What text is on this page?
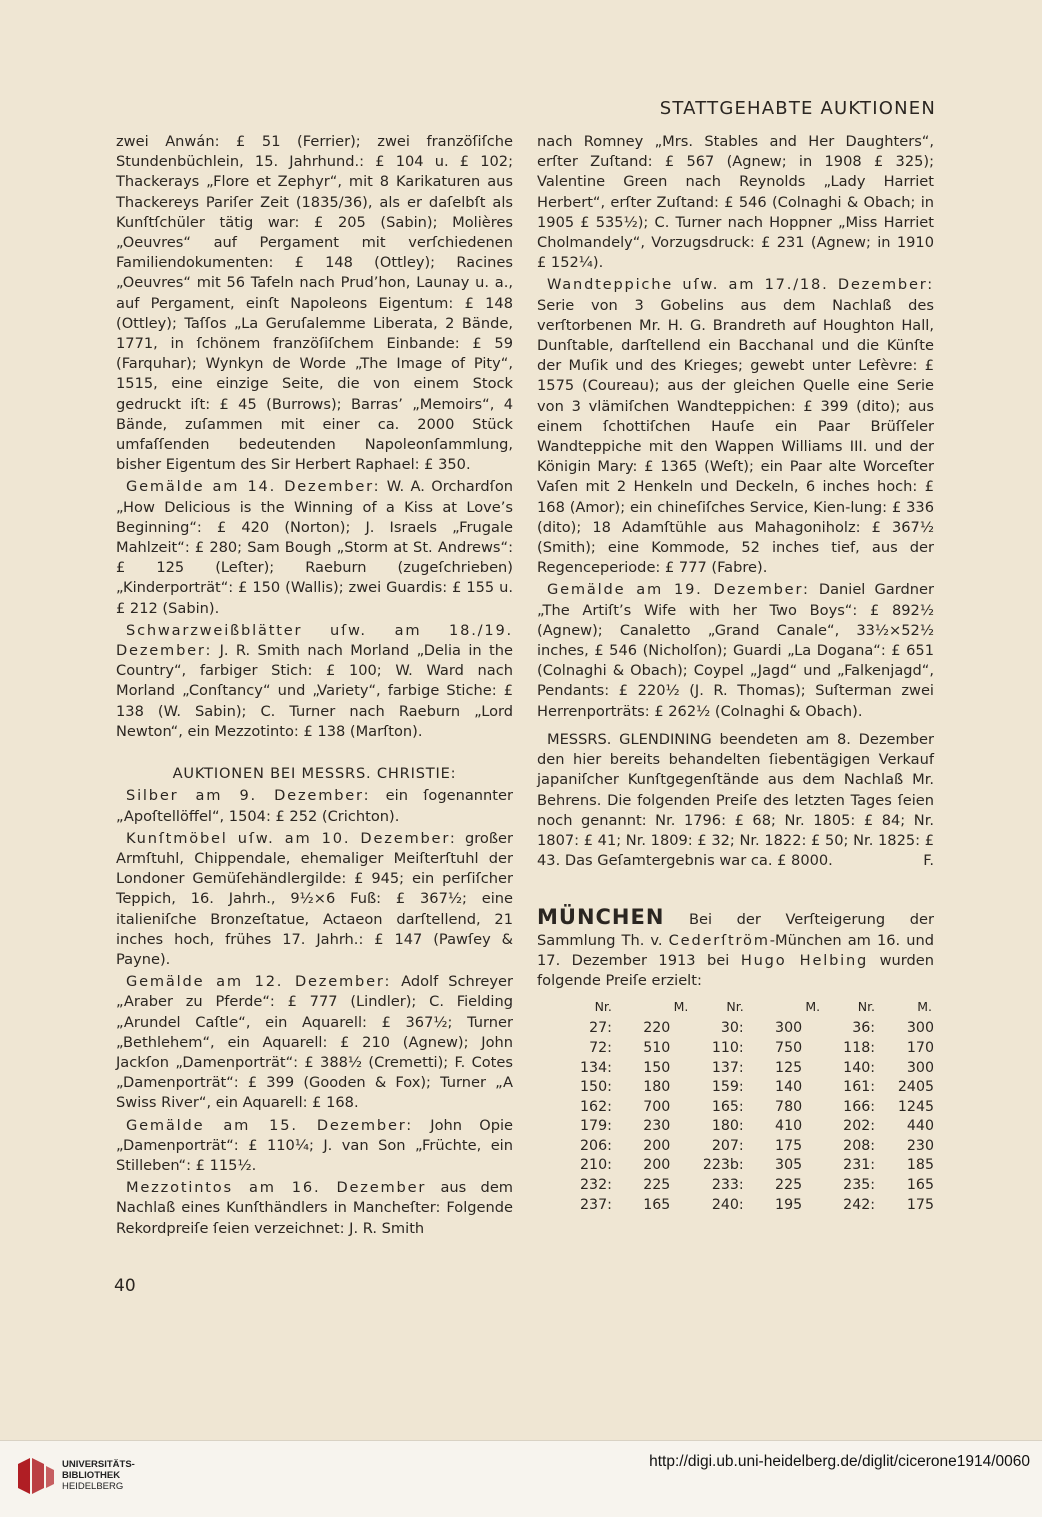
STATTGEHABTE AUKTIONEN

zwei Anwán: £ 51 (Ferrier); zwei franzöſiſche Stundenbüchlein, 15. Jahrhund.: £ 104 u. £ 102; Thackerays „Flore et Zephyr“, mit 8 Karikaturen aus Thackereys Pariſer Zeit (1835/36), als er daſelbſt als Kunſtſchüler tätig war: £ 205 (Sabin); Molières „Oeuvres“ auf Pergament mit verſchiedenen Familiendokumenten: £ 148 (Ottley); Racines „Oeuvres“ mit 56 Tafeln nach Prud’hon, Launay u. a., auf Pergament, einſt Napoleons Eigentum: £ 148 (Ottley); Taſſos „La Geruſalemme Liberata, 2 Bände, 1771, in ſchönem franzöſiſchem Einbande: £ 59 (Farquhar); Wynkyn de Worde „The Image of Pity“, 1515, eine einzige Seite, die von einem Stock gedruckt iſt: £ 45 (Burrows); Barras’ „Memoirs“, 4 Bände, zuſammen mit einer ca. 2000 Stück umfaſſenden bedeutenden Napoleonſammlung, bisher Eigentum des Sir Herbert Raphael: £ 350.

Gemälde am 14. Dezember: W. A. Orchardſon „How Delicious is the Winning of a Kiss at Love’s Beginning“: £ 420 (Norton); J. Israels „Frugale Mahlzeit“: £ 280; Sam Bough „Storm at St. Andrews“: £ 125 (Leſter); Raeburn (zugeſchrieben) „Kinderporträt“: £ 150 (Wallis); zwei Guardis: £ 155 u. £ 212 (Sabin).

Schwarzweißblätter uſw. am 18./19. Dezember: J. R. Smith nach Morland „Delia in the Country“, farbiger Stich: £ 100; W. Ward nach Morland „Conſtancy“ und „Variety“, farbige Stiche: £ 138 (W. Sabin); C. Turner nach Raeburn „Lord Newton“, ein Mezzotinto: £ 138 (Marſton).

AUKTIONEN BEI MESSRS. CHRISTIE:

Silber am 9. Dezember: ein ſogenannter „Apoſtellöffel“, 1504: £ 252 (Crichton).

Kunſtmöbel uſw. am 10. Dezember: großer Armſtuhl, Chippendale, ehemaliger Meiſterſtuhl der Londoner Gemüſehändlergilde: £ 945; ein perſiſcher Teppich, 16. Jahrh., 9½×6 Fuß: £ 367½; eine italieniſche Bronzeſtatue, Actaeon darſtellend, 21 inches hoch, frühes 17. Jahrh.: £ 147 (Pawſey & Payne).

Gemälde am 12. Dezember: Adolf Schreyer „Araber zu Pferde“: £ 777 (Lindler); C. Fielding „Arundel Caſtle“, ein Aquarell: £ 367½; Turner „Bethlehem“, ein Aquarell: £ 210 (Agnew); John Jackſon „Damenporträt“: £ 388½ (Cremetti); F. Cotes „Damenporträt“: £ 399 (Gooden & Fox); Turner „A Swiss River“, ein Aquarell: £ 168.

Gemälde am 15. Dezember: John Opie „Damenporträt“: £ 110¼; J. van Son „Früchte, ein Stilleben“: £ 115½.

Mezzotintos am 16. Dezember aus dem Nachlaß eines Kunſthändlers in Mancheſter: Folgende Rekordpreiſe ſeien verzeichnet: J. R. Smith

nach Romney „Mrs. Stables and Her Daughters“, erſter Zuſtand: £ 567 (Agnew; in 1908 £ 325); Valentine Green nach Reynolds „Lady Harriet Herbert“, erſter Zuſtand: £ 546 (Colnaghi & Obach; in 1905 £ 535½); C. Turner nach Hoppner „Miss Harriet Cholmandely“, Vorzugsdruck: £ 231 (Agnew; in 1910 £ 152¼).

Wandteppiche uſw. am 17./18. Dezember: Serie von 3 Gobelins aus dem Nachlaß des verſtorbenen Mr. H. G. Brandreth auf Houghton Hall, Dunſtable, darſtellend ein Bacchanal und die Künſte der Muſik und des Krieges; gewebt unter Lefèvre: £ 1575 (Coureau); aus der gleichen Quelle eine Serie von 3 vlämiſchen Wandteppichen: £ 399 (dito); aus einem ſchottiſchen Hauſe ein Paar Brüſſeler Wandteppiche mit den Wappen Williams III. und der Königin Mary: £ 1365 (Weſt); ein Paar alte Worceſter Vaſen mit 2 Henkeln und Deckeln, 6 inches hoch: £ 168 (Amor); ein chineſiſches Service, Kien-lung: £ 336 (dito); 18 Adamſtühle aus Mahagoniholz: £ 367½ (Smith); eine Kommode, 52 inches tief, aus der Regenceperiode: £ 777 (Fabre).

Gemälde am 19. Dezember: Daniel Gardner „The Artiſt’s Wife with her Two Boys“: £ 892½ (Agnew); Canaletto „Grand Canale“, 33½×52½ inches, £ 546 (Nicholſon); Guardi „La Dogana“: £ 651 (Colnaghi & Obach); Coypel „Jagd“ und „Falkenjagd“, Pendants: £ 220½ (J. R. Thomas); Suſterman zwei Herrenporträts: £ 262½ (Colnaghi & Obach).

MESSRS. GLENDINING beendeten am 8. Dezember den hier bereits behandelten ſiebentägigen Verkauf japaniſcher Kunſtgegenſtände aus dem Nachlaß Mr. Behrens. Die folgenden Preiſe des letzten Tages ſeien noch genannt: Nr. 1796: £ 68; Nr. 1805: £ 84; Nr. 1807: £ 41; Nr. 1809: £ 32; Nr. 1822: £ 50; Nr. 1825: £ 43. Das Geſamtergebnis war ca. £ 8000.	F.

MÜNCHEN Bei der Verſteigerung der Sammlung Th. v. Cederſtröm-München am 16. und 17. Dezember 1913 bei Hugo Helbing wurden folgende Preiſe erzielt:

Nr.	M.	Nr.	M.	Nr.	M.
27:	220	30:	300	36:	300
72:	510	110:	750	118:	170
134:	150	137:	125	140:	300
150:	180	159:	140	161:	2405
162:	700	165:	780	166:	1245
179:	230	180:	410	202:	440
206:	200	207:	175	208:	230
210:	200	223b:	305	231:	185
232:	225	233:	225	235:	165
237:	165	240:	195	242:	175
40
UNIVERSITÄTS-
BIBLIOTHEK
HEIDELBERG
http://digi.ub.uni-heidelberg.de/diglit/cicerone1914/0060
